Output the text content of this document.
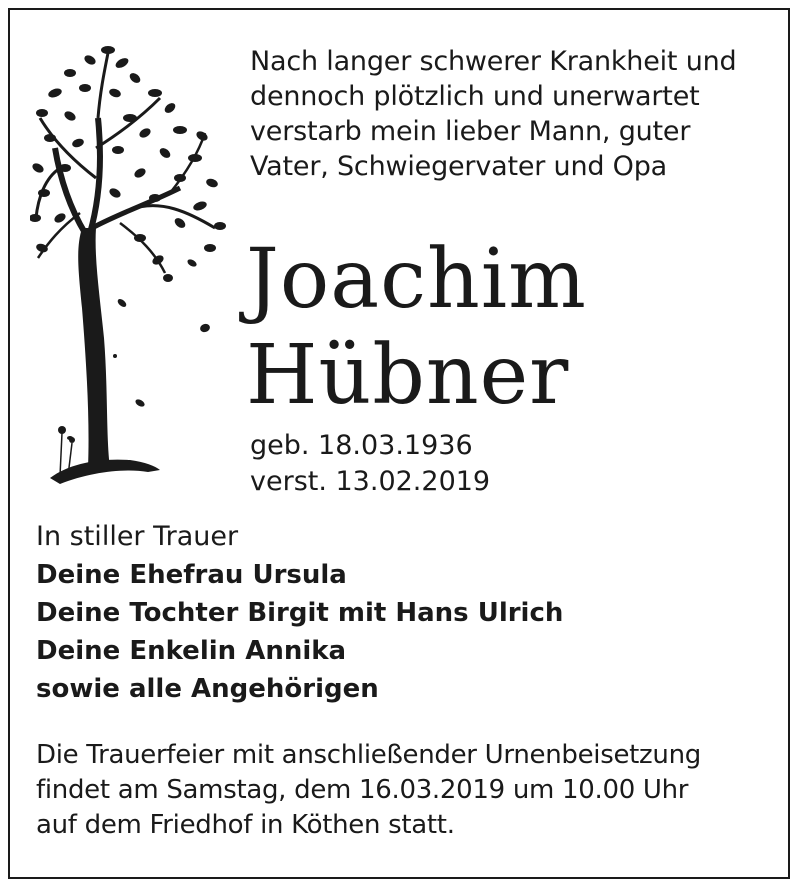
Nach langer schwerer Krankheit und
dennoch plötzlich und unerwartet
verstarb mein lieber Mann, guter
Vater, Schwiegervater und Opa
Joachim
Hübner
geb. 18.03.1936
verst. 13.02.2019
In stiller Trauer
Deine Ehefrau Ursula
Deine Tochter Birgit mit Hans Ulrich
Deine Enkelin Annika
sowie alle Angehörigen
Die Trauerfeier mit anschließender Urnenbeisetzung
findet am Samstag, dem 16.03.2019 um 10.00 Uhr
auf dem Friedhof in Köthen statt.
